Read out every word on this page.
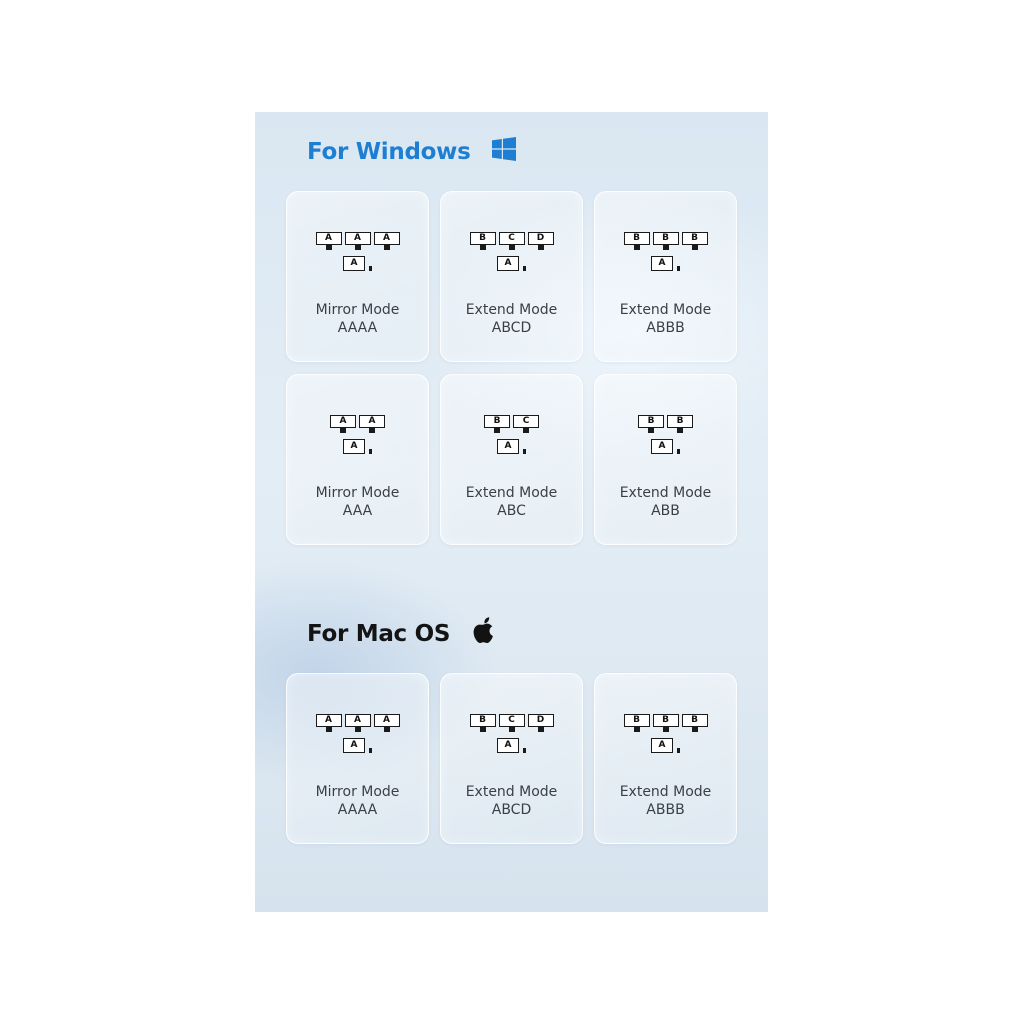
For Windows
A	A	A
A
Mirror Mode
AAAA
B	C	D
A
Extend Mode
ABCD
B	B	B
A
Extend Mode
ABBB
A	A
A
Mirror Mode
AAA
B	C
A
Extend Mode
ABC
B	B
A
Extend Mode
ABB
For Mac OS
A	A	A
A
Mirror Mode
AAAA
B	C	D
A
Extend Mode
ABCD
B	B	B
A
Extend Mode
ABBB
